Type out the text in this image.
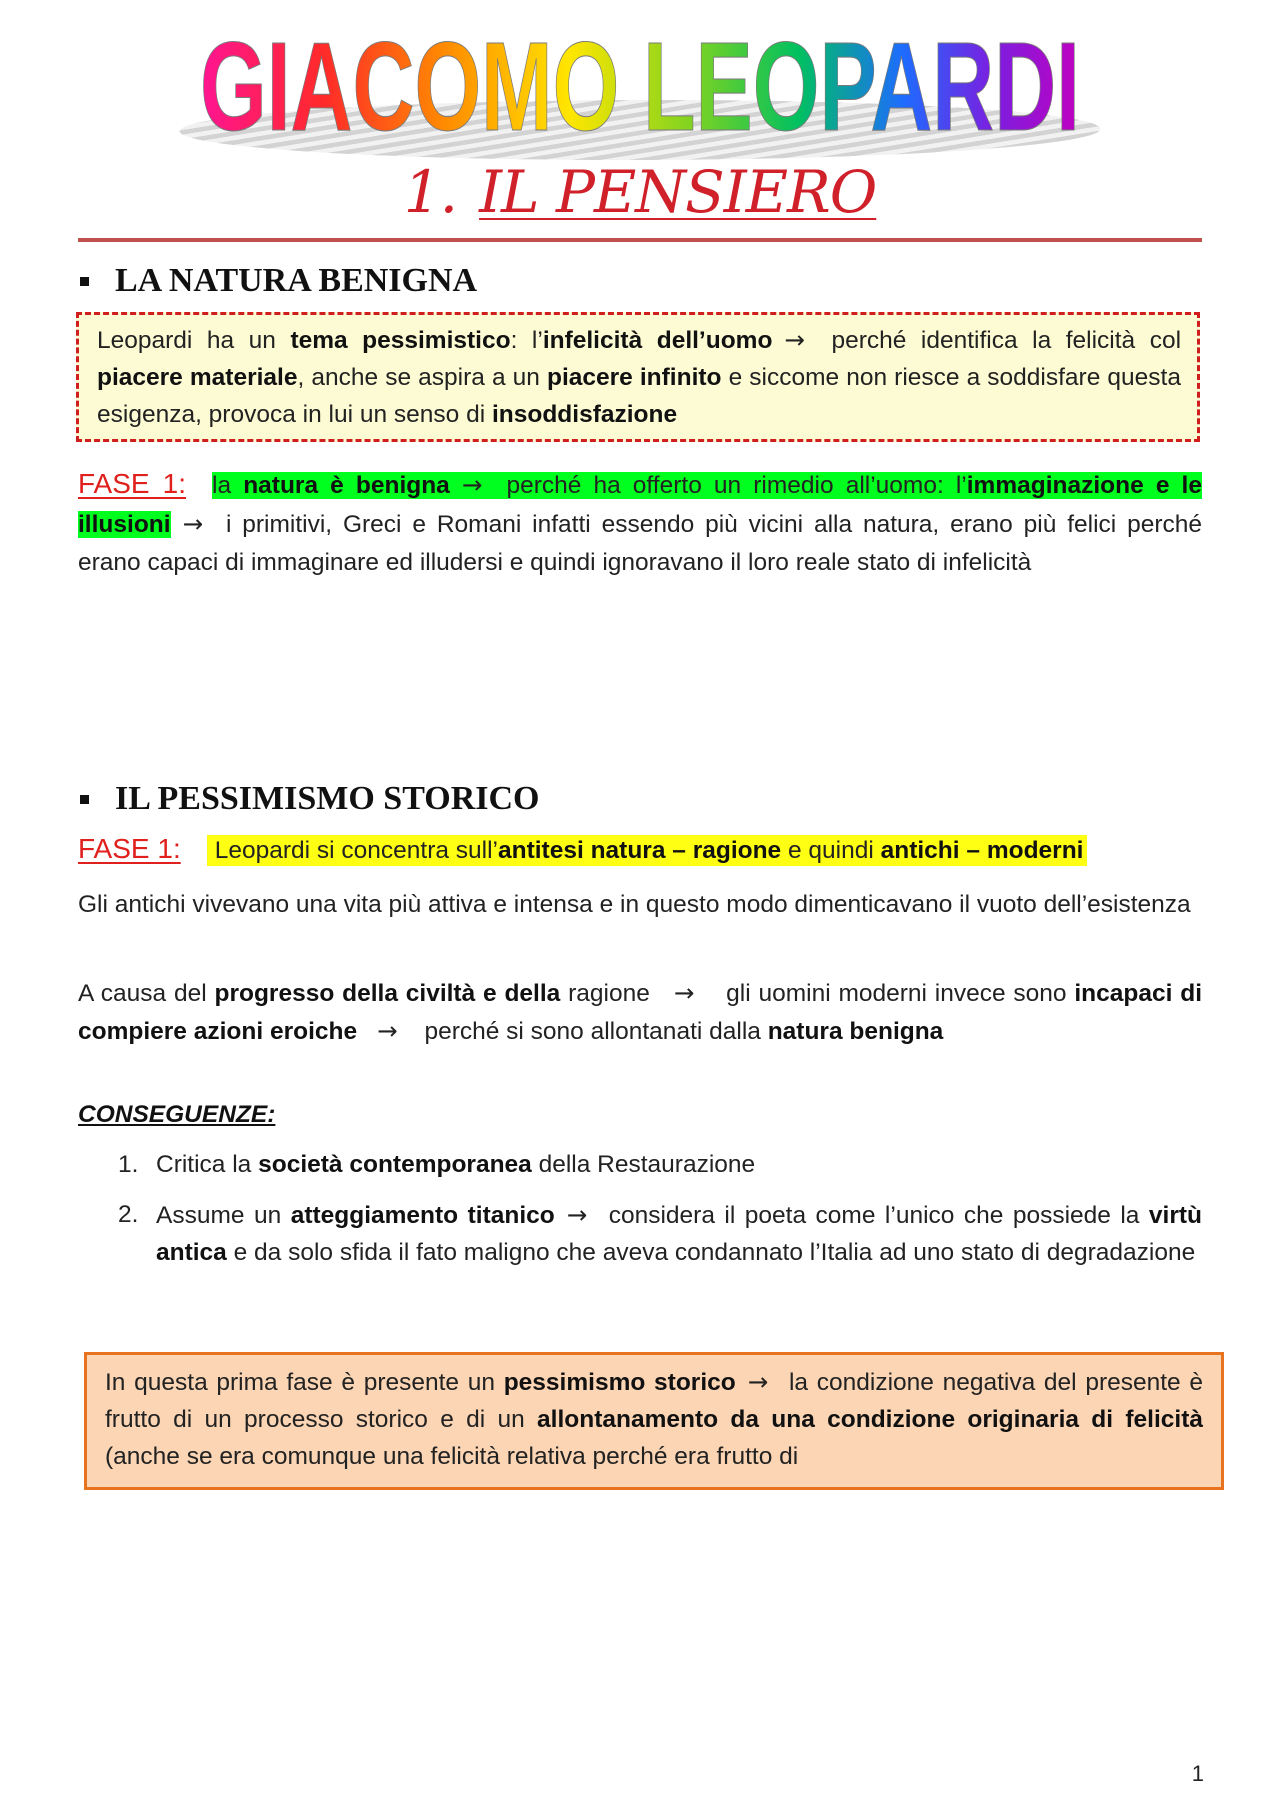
GIACOMO LEOPARDI
1. IL PENSIERO
LA NATURA BENIGNA
Leopardi ha un tema pessimistico: l’infelicità dell’uomo → perché identifica la felicità col piacere materiale, anche se aspira a un piacere infinito e siccome non riesce a soddisfare questa esigenza, provoca in lui un senso di insoddisfazione
FASE 1: la natura è benigna → perché ha offerto un rimedio all’uomo: l’immaginazione e le illusioni → i primitivi, Greci e Romani infatti essendo più vicini alla natura, erano più felici perché erano capaci di immaginare ed illudersi e quindi ignoravano il loro reale stato di infelicità
IL PESSIMISMO STORICO
FASE 1: Leopardi si concentra sull’antitesi natura – ragione e quindi antichi – moderni
Gli antichi vivevano una vita più attiva e intensa e in questo modo dimenticavano il vuoto dell’esistenza
A causa del progresso della civiltà e della ragione → gli uomini moderni invece sono incapaci di compiere azioni eroiche → perché si sono allontanati dalla natura benigna
CONSEGUENZE:
1. Critica la società contemporanea della Restaurazione
2. Assume un atteggiamento titanico → considera il poeta come l’unico che possiede la virtù antica e da solo sfida il fato maligno che aveva condannato l’Italia ad uno stato di degradazione
In questa prima fase è presente un pessimismo storico → la condizione negativa del presente è frutto di un processo storico e di un allontanamento da una condizione originaria di felicità (anche se era comunque una felicità relativa perché era frutto di
1
